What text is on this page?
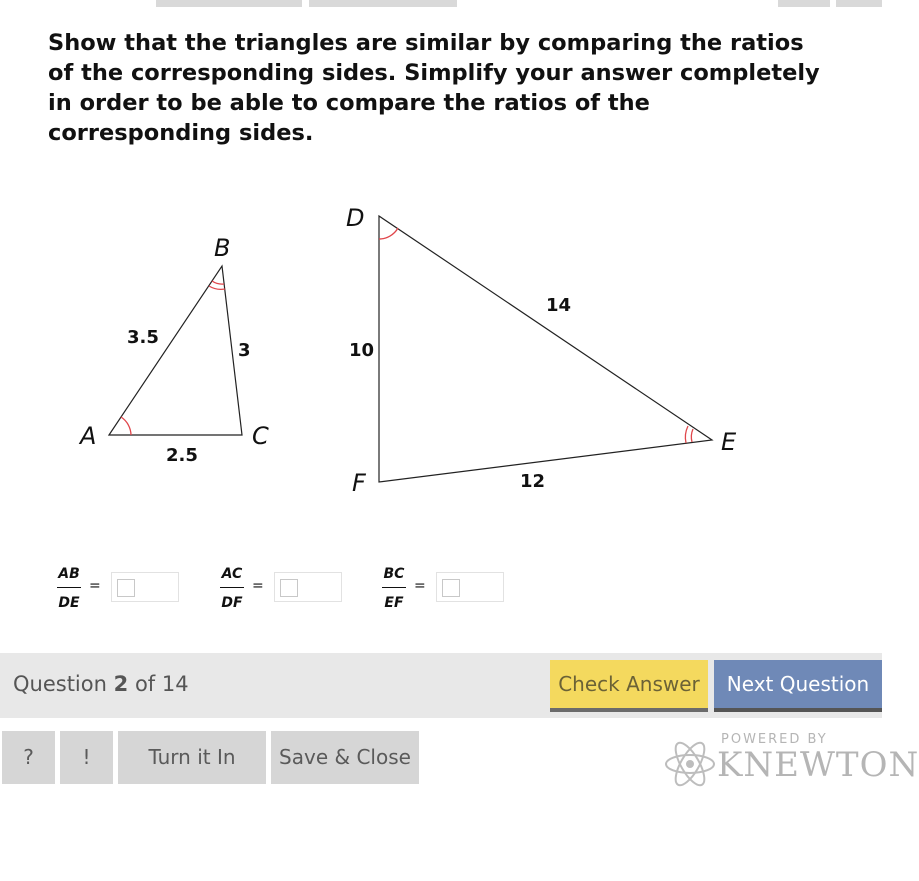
Show that the triangles are similar by comparing the ratios of the corresponding sides. Simplify your answer completely in order to be able to compare the ratios of the corresponding sides.
A
B
C
3.5
3
2.5
D
E
F
14
10
12
AB
DE
=
AC
DF
=
BC
EF
=
Question 2 of 14	Check Answer	Next Question
?	!	Turn it In	Save & Close
POWERED BY
KNEWTON
